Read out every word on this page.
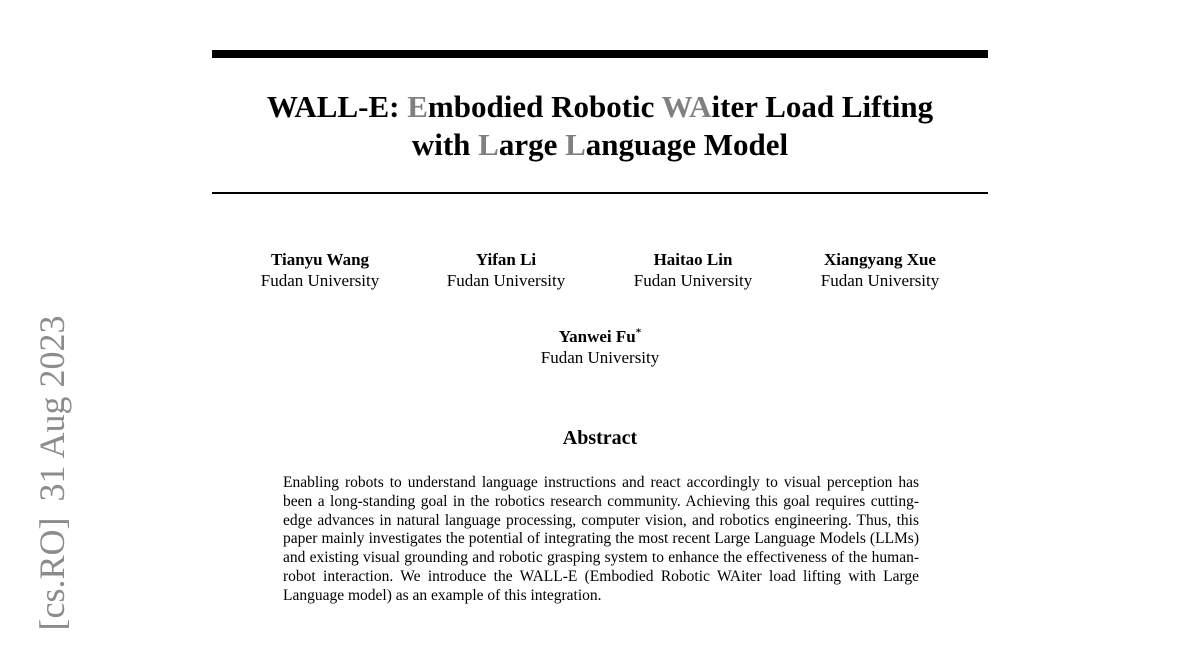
WALL-E: Embodied Robotic WAiter Load Lifting
with Large Language Model
Tianyu Wang
Fudan University
Yifan Li
Fudan University
Haitao Lin
Fudan University
Xiangyang Xue
Fudan University
Yanwei Fu*
Fudan University
Abstract
Enabling robots to understand language instructions and react accordingly to visual perception has been a long-standing goal in the robotics research community. Achieving this goal requires cutting-edge advances in natural language processing, computer vision, and robotics engineering. Thus, this paper mainly investigates the potential of integrating the most recent Large Language Models (LLMs) and existing visual grounding and robotic grasping system to enhance the effectiveness of the human-robot interaction. We introduce the WALL-E (Embodied Robotic WAiter load lifting with Large Language model) as an example of this integration.
[cs.RO]31 Aug 2023
